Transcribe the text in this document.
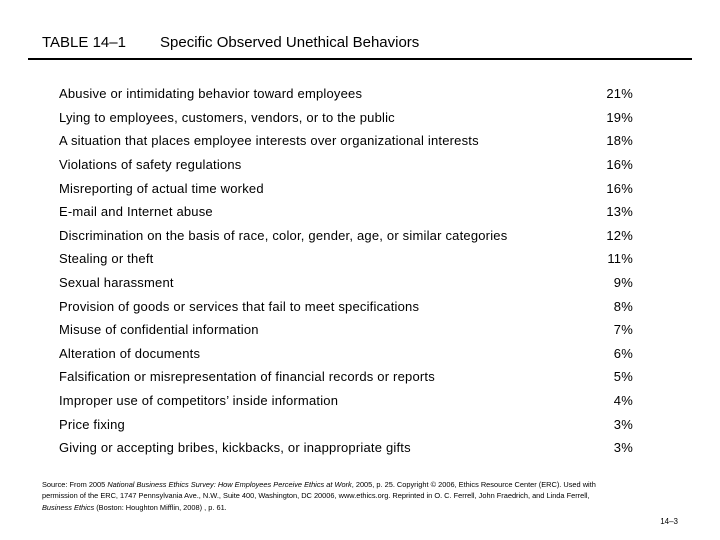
TABLE 14–1	Specific Observed Unethical Behaviors
Abusive or intimidating behavior toward employees	21%
Lying to employees, customers, vendors, or to the public	19%
A situation that places employee interests over organizational interests	18%
Violations of safety regulations	16%
Misreporting of actual time worked	16%
E-mail and Internet abuse	13%
Discrimination on the basis of race, color, gender, age, or similar categories	12%
Stealing or theft	11%
Sexual harassment	9%
Provision of goods or services that fail to meet specifications	8%
Misuse of confidential information	7%
Alteration of documents	6%
Falsification or misrepresentation of financial records or reports	5%
Improper use of competitors’ inside information	4%
Price fixing	3%
Giving or accepting bribes, kickbacks, or inappropriate gifts	3%
Source: From 2005 National Business Ethics Survey: How Employees Perceive Ethics at Work, 2005, p. 25. Copyright © 2006, Ethics Resource Center (ERC). Used with permission of the ERC, 1747 Pennsylvania Ave., N.W., Suite 400, Washington, DC 20006, www.ethics.org. Reprinted in O. C. Ferrell, John Fraedrich, and Linda Ferrell, Business Ethics (Boston: Houghton Mifflin, 2008) , p. 61.
14–3
